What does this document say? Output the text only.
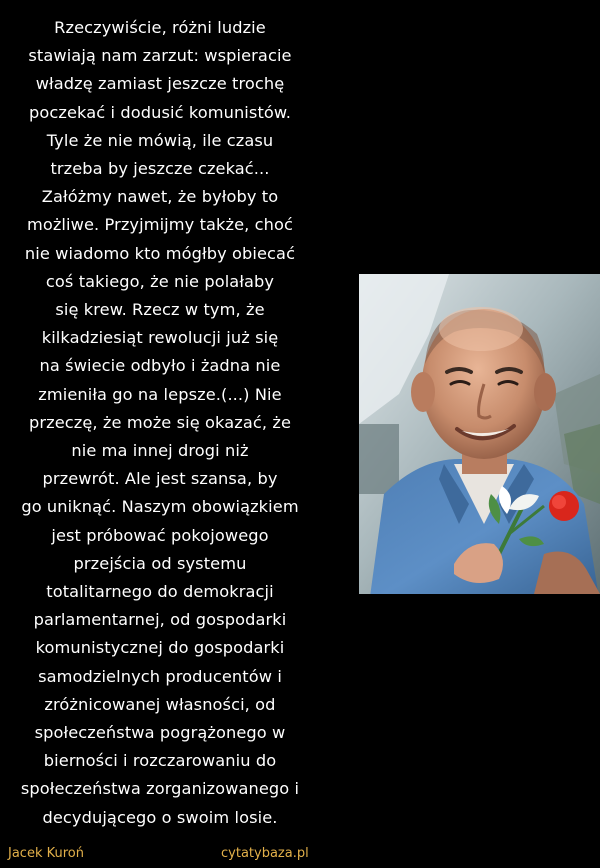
Rzeczywiście, różni ludzie
stawiają nam zarzut: wspieracie
władzę zamiast jeszcze trochę
poczekać i dodusić komunistów.
Tyle że nie mówią, ile czasu
trzeba by jeszcze czekać...
Załóżmy nawet, że byłoby to
możliwe. Przyjmijmy także, choć
nie wiadomo kto mógłby obiecać
coś takiego, że nie polałaby
się krew. Rzecz w tym, że
kilkadziesiąt rewolucji już się
na świecie odbyło i żadna nie
zmieniła go na lepsze.(...) Nie
przeczę, że może się okazać, że
nie ma innej drogi niż
przewrót. Ale jest szansa, by
go uniknąć. Naszym obowiązkiem
jest próbować pokojowego
przejścia od systemu
totalitarnego do demokracji
parlamentarnej, od gospodarki
komunistycznej do gospodarki
samodzielnych producentów i
zróżnicowanej własności, od
społeczeństwa pogrążonego w
bierności i rozczarowaniu do
społeczeństwa zorganizowanego i
decydującego o swoim losie.

Jacek Kuroń	cytatybaza.pl
